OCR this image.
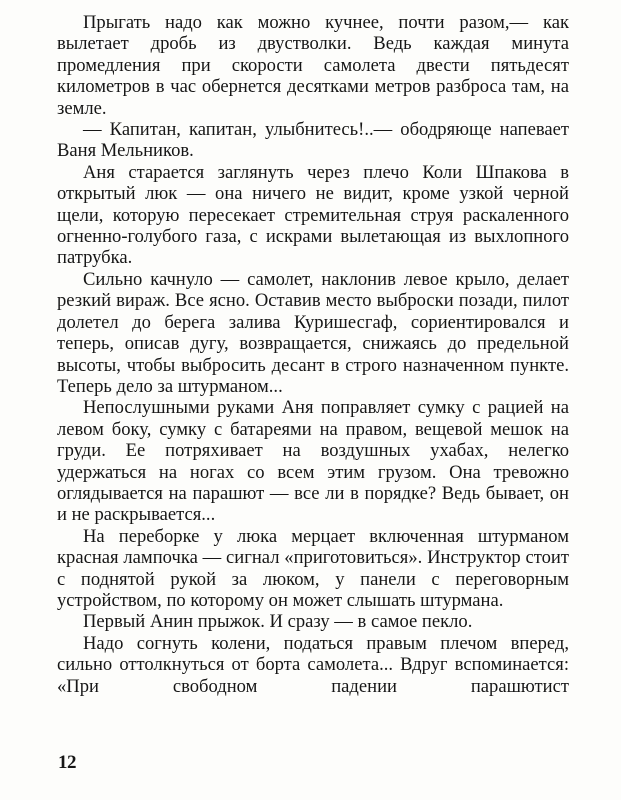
Прыгать надо как можно кучнее, почти разом,— как вылетает дробь из двустволки. Ведь каждая минута промедления при скорости самолета двести пятьдесят километров в час обернется десятками метров разброса там, на земле.

— Капитан, капитан, улыбнитесь!..— ободряюще напевает Ваня Мельников.

Аня старается заглянуть через плечо Коли Шпакова в открытый люк — она ничего не видит, кроме узкой черной щели, которую пересекает стремительная струя раскаленного огненно-голубого газа, с искрами вылетающая из выхлопного патрубка.

Сильно качнуло — самолет, наклонив левое крыло, делает резкий вираж. Все ясно. Оставив место выброски позади, пилот долетел до берега залива Куришесгаф, сориентировался и теперь, описав дугу, возвращается, снижаясь до предельной высоты, чтобы выбросить десант в строго назначенном пункте. Теперь дело за штурманом...

Непослушными руками Аня поправляет сумку с рацией на левом боку, сумку с батареями на правом, вещевой мешок на груди. Ее потряхивает на воздушных ухабах, нелегко удержаться на ногах со всем этим грузом. Она тревожно оглядывается на парашют — все ли в порядке? Ведь бывает, он и не раскрывается...

На переборке у люка мерцает включенная штурманом красная лампочка — сигнал «приготовиться». Инструктор стоит с поднятой рукой за люком, у панели с переговорным устройством, по которому он может слышать штурмана.

Первый Анин прыжок. И сразу — в самое пекло.

Надо согнуть колени, податься правым плечом вперед, сильно оттолкнуться от борта самолета... Вдруг вспоминается: «При свободном падении парашютист

12
